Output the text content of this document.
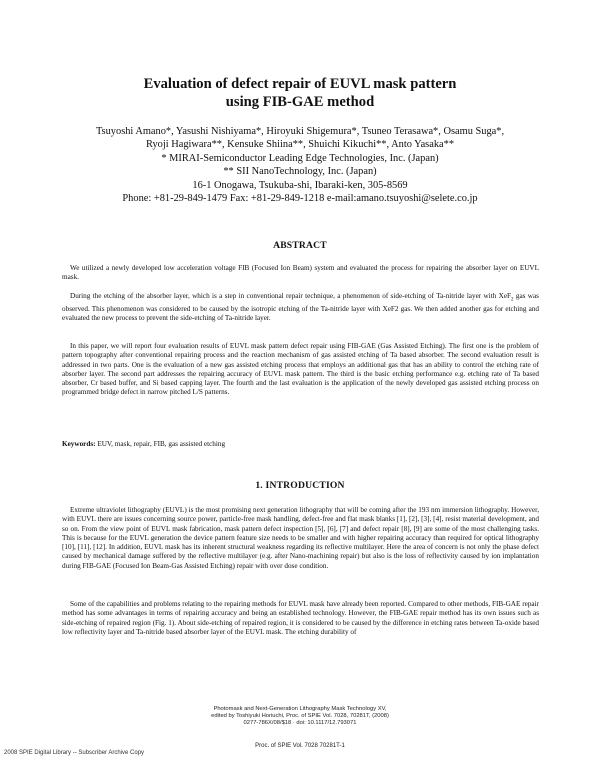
Evaluation of defect repair of EUVL mask pattern
using FIB-GAE method
Tsuyoshi Amano*, Yasushi Nishiyama*, Hiroyuki Shigemura*, Tsuneo Terasawa*, Osamu Suga*,
Ryoji Hagiwara**, Kensuke Shiina**, Shuichi Kikuchi**, Anto Yasaka**
* MIRAI-Semiconductor Leading Edge Technologies, Inc. (Japan)
** SII NanoTechnology, Inc. (Japan)
16-1 Onogawa, Tsukuba-shi, Ibaraki-ken, 305-8569
Phone: +81-29-849-1479 Fax: +81-29-849-1218 e-mail:amano.tsuyoshi@selete.co.jp
ABSTRACT
We utilized a newly developed low acceleration voltage FIB (Focused Ion Beam) system and evaluated the process for repairing the absorber layer on EUVL mask.
During the etching of the absorber layer, which is a step in conventional repair technique, a phenomenon of side-etching of Ta-nitride layer with XeF$_2$ gas was observed. This phenomenon was considered to be caused by the isotropic etching of the Ta-nitride layer with XeF2 gas. We then added another gas for etching and evaluated the new process to prevent the side-etching of Ta-nitride layer.
In this paper, we will report four evaluation results of EUVL mask pattern defect repair using FIB-GAE (Gas Assisted Etching). The first one is the problem of pattern topography after conventional repairing process and the reaction mechanism of gas assisted etching of Ta based absorber. The second evaluation result is addressed in two parts. One is the evaluation of a new gas assisted etching process that employs an additional gas that has an ability to control the etching rate of absorber layer. The second part addresses the repairing accuracy of EUVL mask pattern. The third is the basic etching performance e.g. etching rate of Ta based absorber, Cr based buffer, and Si based capping layer. The fourth and the last evaluation is the application of the newly developed gas assisted etching process on programmed bridge defect in narrow pitched L/S patterns.
Keywords: EUV, mask, repair, FIB, gas assisted etching
1. INTRODUCTION
Extreme ultraviolet lithography (EUVL) is the most promising next generation lithography that will be coming after the 193 nm immersion lithography. However, with EUVL there are issues concerning source power, particle-free mask handling, defect-free and flat mask blanks [1], [2], [3], [4], resist material development, and so on. From the view point of EUVL mask fabrication, mask pattern defect inspection [5], [6], [7] and defect repair [8], [9] are some of the most challenging tasks. This is because for the EUVL generation the device pattern feature size needs to be smaller and with higher repairing accuracy than required for optical lithography [10], [11], [12]. In addition, EUVL mask has its inherent structural weakness regarding its reflective multilayer. Here the area of concern is not only the phase defect caused by mechanical damage suffered by the reflective multilayer (e.g. after Nano-machining repair) but also is the loss of reflectivity caused by ion implantation during FIB-GAE (Focused Ion Beam-Gas Assisted Etching) repair with over dose condition.
Some of the capabilities and problems relating to the repairing methods for EUVL mask have already been reported. Compared to other methods, FIB-GAE repair method has some advantages in terms of repairing accuracy and being an established technology. However, the FIB-GAE repair method has its own issues such as side-etching of repaired region (Fig. 1). About side-etching of repaired region, it is considered to be caused by the difference in etching rates between Ta-oxide based low reflectivity layer and Ta-nitride based absorber layer of the EUVL mask. The etching durability of
Photomask and Next-Generation Lithography Mask Technology XV,
edited by Toshiyuki Horiuchi, Proc. of SPIE Vol. 7028, 70281T, (2008)
0277-786X/08/$18 · doi: 10.1117/12.793071
Proc. of SPIE Vol. 7028 70281T-1
2008 SPIE Digital Library -- Subscriber Archive Copy
